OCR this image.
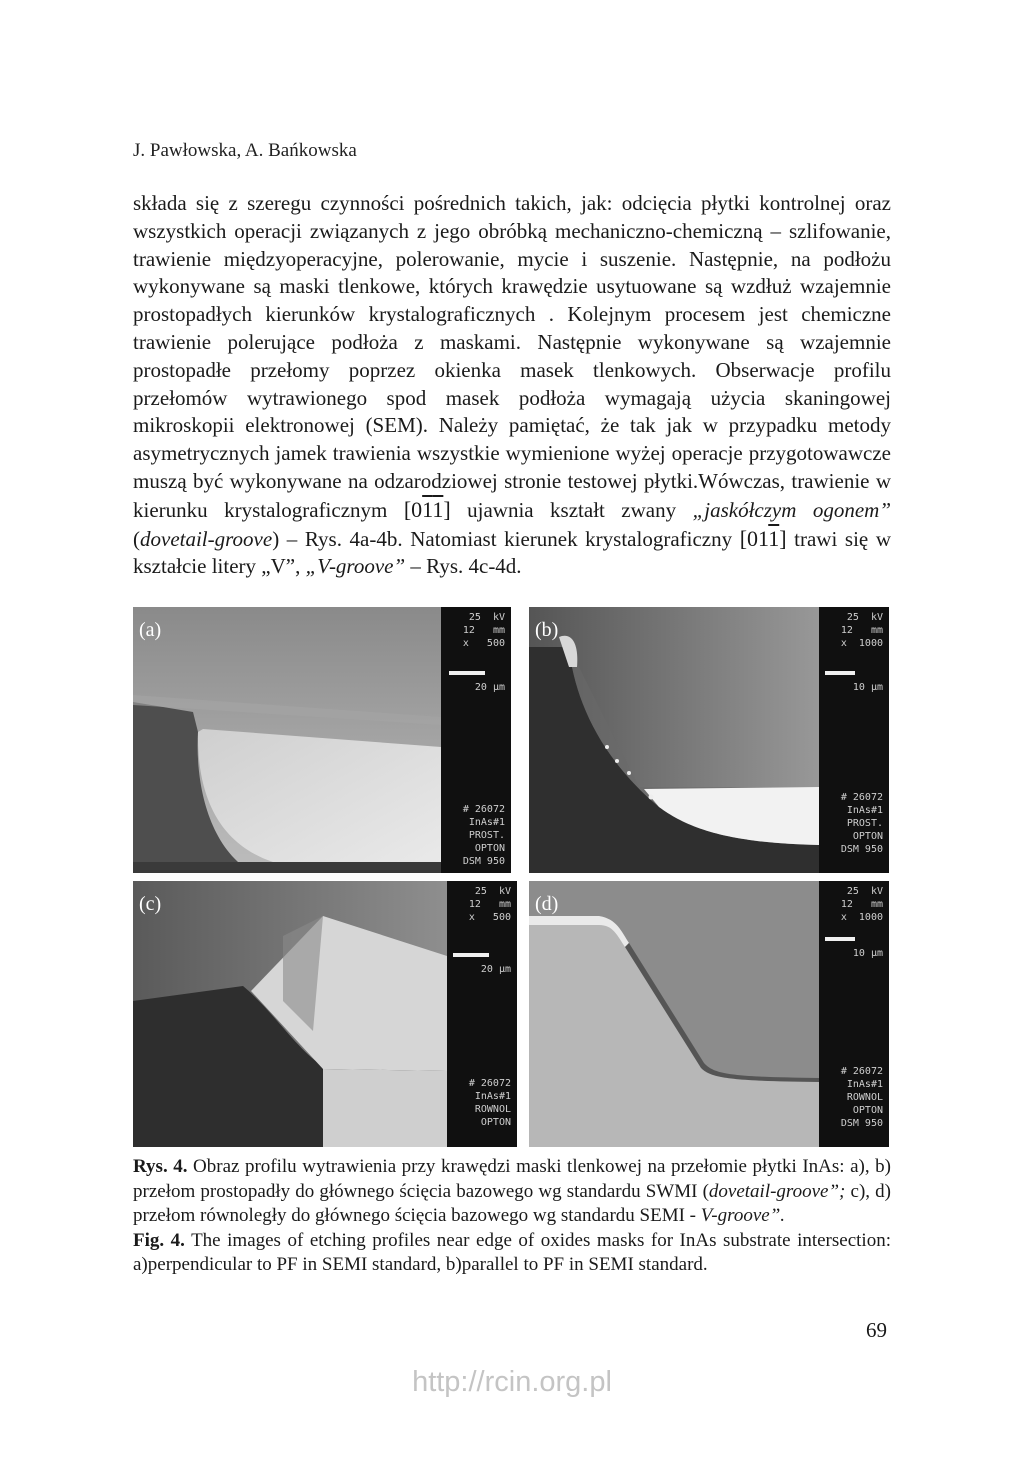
J. Pawłowska, A. Bańkowska

składa się z szeregu czynności pośrednich takich, jak: odcięcia płytki kontrolnej oraz wszystkich operacji związanych z jego obróbką mechaniczno-chemiczną – szlifowanie, trawienie międzyoperacyjne, polerowanie, mycie i suszenie. Następnie, na podłożu wykonywane są maski tlenkowe, których krawędzie usytuowane są wzdłuż wzajemnie prostopadłych kierunków krystalograficznych . Kolejnym procesem jest chemiczne trawienie polerujące podłoża z maskami. Następnie wykonywane są wzajemnie prostopadłe przełomy poprzez okienka masek tlenkowych. Obserwacje profilu przełomów wytrawionego spod masek podłoża wymagają użycia skaningowej mikroskopii elektronowej (SEM). Należy pamiętać, że tak jak w przypadku metody asymetrycznych jamek trawienia wszystkie wymienione wyżej operacje przygotowawcze muszą być wykonywane na odzarodziowej stronie testowej płytki.Wówczas, trawienie w kierunku krystalograficznym [011] ujawnia kształt zwany „jaskółczym ogonem” (dovetail-groove) – Rys. 4a-4b. Natomiast kierunek krystalograficzny [011] trawi się w kształcie litery „V”, „V-groove” – Rys. 4c-4d.

(a)
25  kV
12   mm
x   500
20 µm
# 26072
InAs#1
PROST.
OPTON
DSM 950
(b)
25  kV
12   mm
x  1000
10 µm
# 26072
InAs#1
PROST.
OPTON
DSM 950
(c)
25  kV
12   mm
x   500
20 µm
# 26072
InAs#1
ROWNOL
OPTON
(d)
25  kV
12   mm
x  1000
10 µm
# 26072
InAs#1
ROWNOL
OPTON
DSM 950

Rys. 4. Obraz profilu wytrawienia przy krawędzi maski tlenkowej na przełomie płytki InAs: a), b) przełom prostopadły do głównego ścięcia bazowego wg standardu SWMI (dovetail-groove”; c), d) przełom równoległy do głównego ścięcia bazowego wg standardu SEMI - V-groove”.

Fig. 4. The images of etching profiles near edge of oxides masks for InAs substrate intersection: a)perpendicular to PF in SEMI standard, b)parallel to PF in SEMI standard.

69
http://rcin.org.pl
